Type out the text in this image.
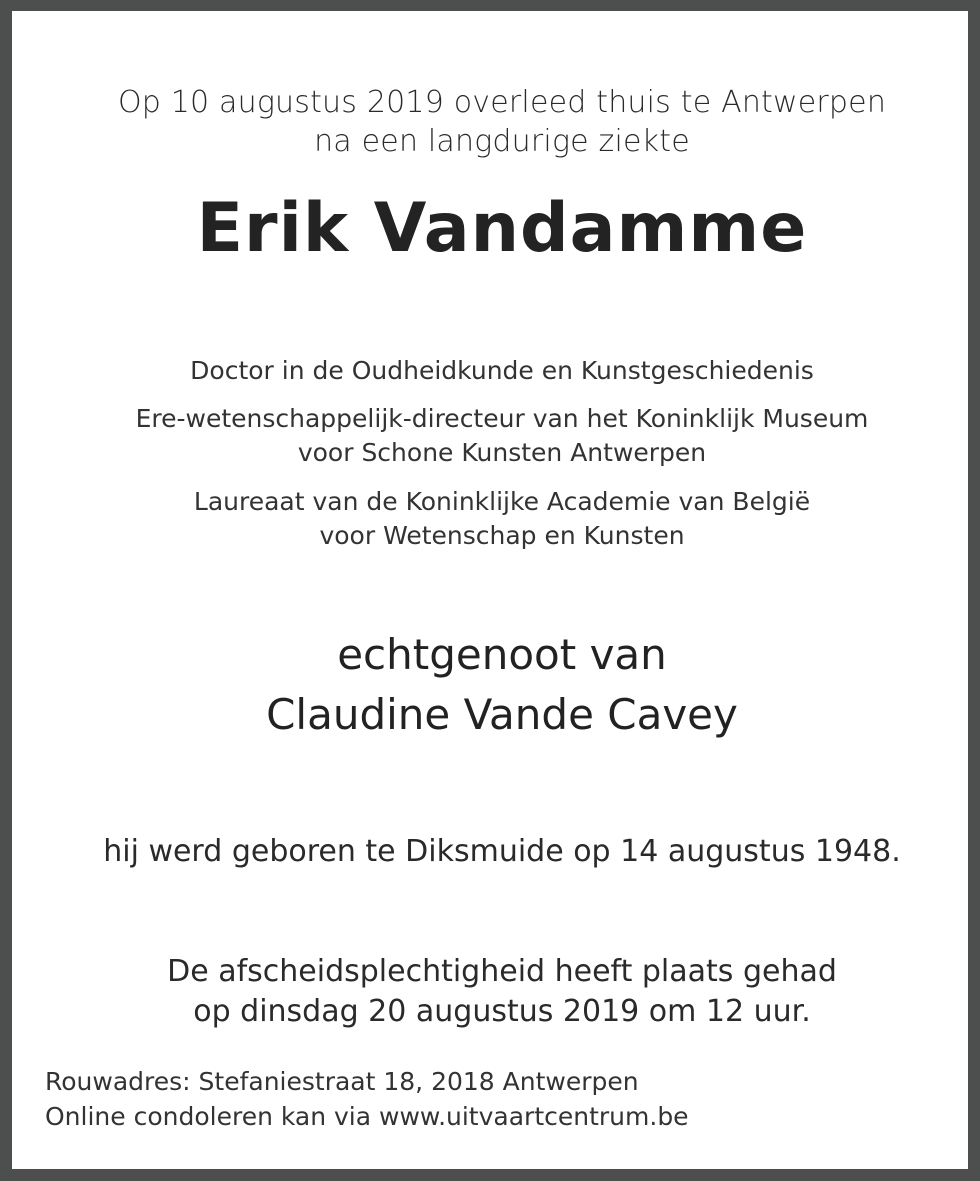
Op 10 augustus 2019 overleed thuis te Antwerpen
na een langdurige ziekte
Erik Vandamme
Doctor in de Oudheidkunde en Kunstgeschiedenis
Ere-wetenschappelijk-directeur van het Koninklijk Museum
voor Schone Kunsten Antwerpen
Laureaat van de Koninklijke Academie van België
voor Wetenschap en Kunsten
echtgenoot van
Claudine Vande Cavey
hij werd geboren te Diksmuide op 14 augustus 1948.
De afscheidsplechtigheid heeft plaats gehad
op dinsdag 20 augustus 2019 om 12 uur.
Rouwadres: Stefaniestraat 18, 2018 Antwerpen
Online condoleren kan via www.uitvaartcentrum.be
